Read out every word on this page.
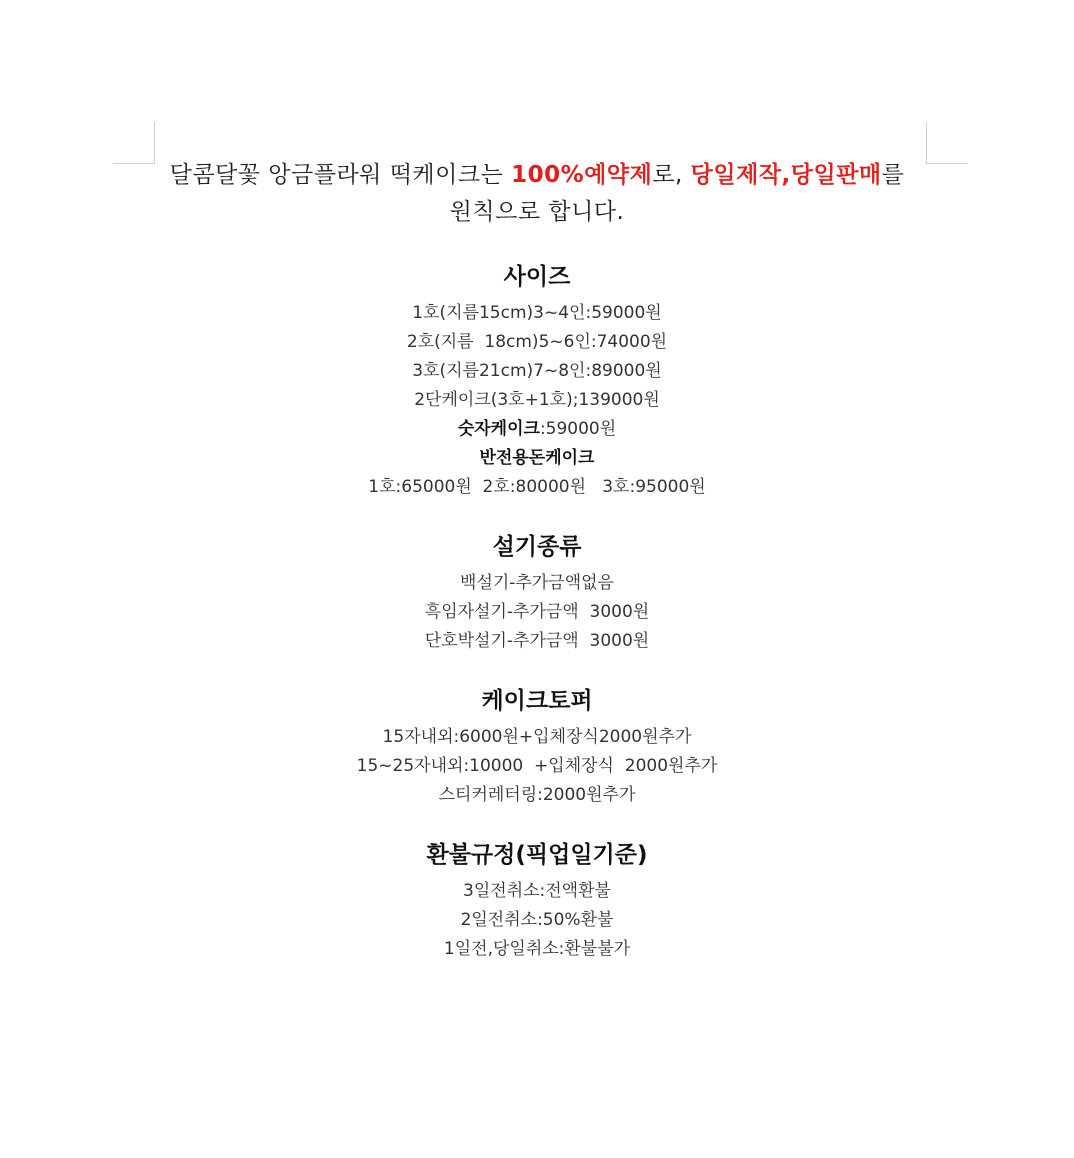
달콤달꽃 앙금플라워 떡케이크는 100%예약제로, 당일제작,당일판매를
원칙으로 합니다.
사이즈
1호(지름15cm)3~4인:59000원
2호(지름  18cm)5~6인:74000원
3호(지름21cm)7~8인:89000원
2단케이크(3호+1호);139000원
숫자케이크:59000원
반전용돈케이크
1호:65000원  2호:80000원   3호:95000원
설기종류
백설기-추가금액없음
흑임자설기-추가금액  3000원
단호박설기-추가금액  3000원
케이크토퍼
15자내외:6000원+입체장식2000원추가
15~25자내외:10000  +입체장식  2000원추가
스티커레터링:2000원추가
환불규정(픽업일기준)
3일전취소:전액환불
2일전취소:50%환불
1일전,당일취소:환불불가
